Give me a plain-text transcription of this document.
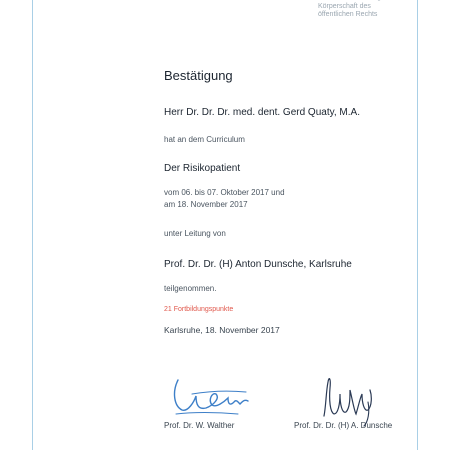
Körperschaft des
öffentlichen Rechts
Bestätigung
Herr Dr. Dr. Dr. med. dent. Gerd Quaty, M.A.
hat an dem Curriculum
Der Risikopatient
vom 06. bis 07. Oktober 2017 und
am 18. November 2017
unter Leitung von
Prof. Dr. Dr. (H) Anton Dunsche, Karlsruhe
teilgenommen.
21 Fortbildungspunkte
Karlsruhe, 18. November 2017
Prof. Dr. W. Walther	Prof. Dr. Dr. (H) A. Dunsche
